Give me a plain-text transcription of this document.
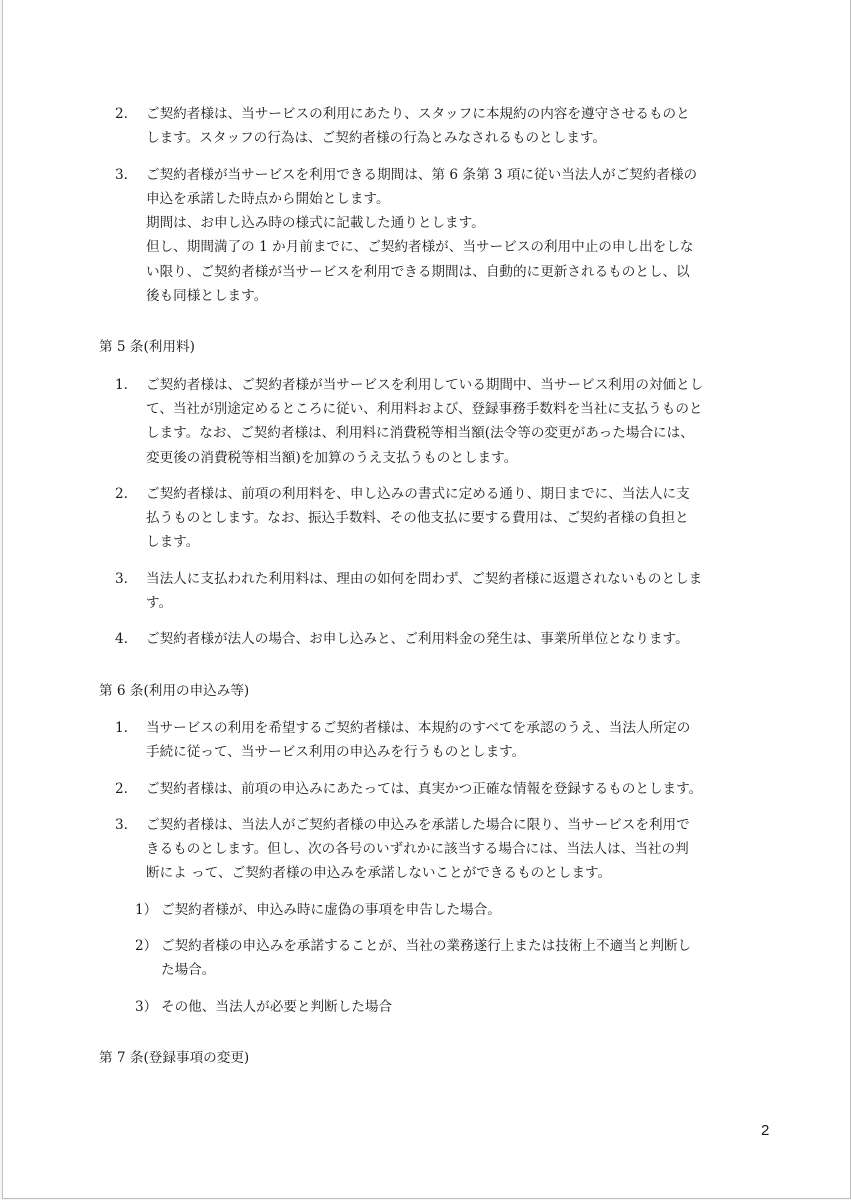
2. ご契約者様は、当サービスの利用にあたり、スタッフに本規約の内容を遵守させるものと
します。スタッフの行為は、ご契約者様の行為とみなされるものとします。
3. ご契約者様が当サービスを利用できる期間は、第 6 条第 3 項に従い当法人がご契約者様の
申込を承諾した時点から開始とします。
期間は、お申し込み時の様式に記載した通りとします。
但し、期間満了の 1 か月前までに、ご契約者様が、当サービスの利用中止の申し出をしな
い限り、ご契約者様が当サービスを利用できる期間は、自動的に更新されるものとし、以
後も同様とします。
第 5 条(利用料)
1. ご契約者様は、ご契約者様が当サービスを利用している期間中、当サービス利用の対価とし
て、当社が別途定めるところに従い、利用料および、登録事務手数料を当社に支払うものと
します。なお、ご契約者様は、利用料に消費税等相当額(法令等の変更があった場合には、
変更後の消費税等相当額)を加算のうえ支払うものとします。
2. ご契約者様は、前項の利用料を、申し込みの書式に定める通り、期日までに、当法人に支
払うものとします。なお、振込手数料、その他支払に要する費用は、ご契約者様の負担と
します。
3. 当法人に支払われた利用料は、理由の如何を問わず、ご契約者様に返還されないものとしま
す。
4. ご契約者様が法人の場合、お申し込みと、ご利用料金の発生は、事業所単位となります。
第 6 条(利用の申込み等)
1. 当サービスの利用を希望するご契約者様は、本規約のすべてを承認のうえ、当法人所定の
手続に従って、当サービス利用の申込みを行うものとします。
2. ご契約者様は、前項の申込みにあたっては、真実かつ正確な情報を登録するものとします。
3. ご契約者様は、当法人がご契約者様の申込みを承諾した場合に限り、当サービスを利用で
きるものとします。但し、次の各号のいずれかに該当する場合には、当法人は、当社の判
断によ って、ご契約者様の申込みを承諾しないことができるものとします。
1） ご契約者様が、申込み時に虚偽の事項を申告した場合。
2） ご契約者様の申込みを承諾することが、当社の業務遂行上または技術上不適当と判断し
た場合。
3） その他、当法人が必要と判断した場合
第 7 条(登録事項の変更)
2
